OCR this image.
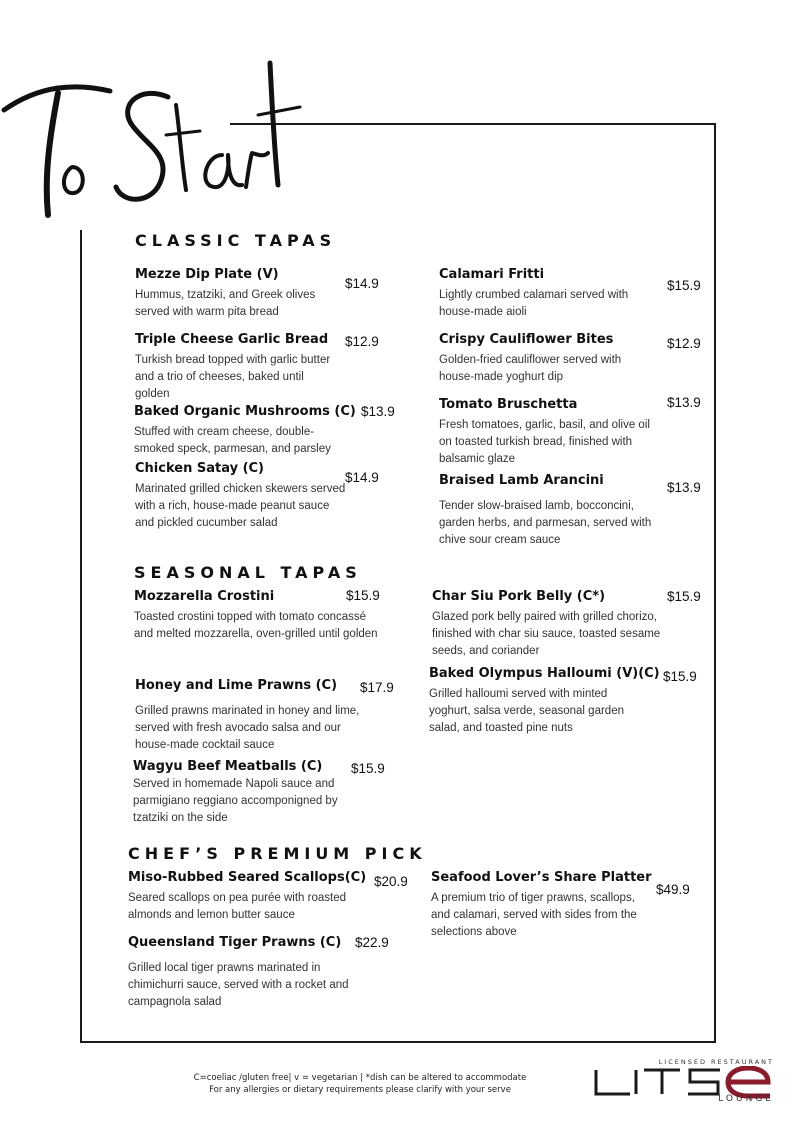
CLASSIC TAPAS
Mezze Dip Plate (V)
Hummus, tzatziki, and Greek olives served with warm pita bread
$14.9
Triple Cheese Garlic Bread
Turkish bread topped with garlic butter and a trio of cheeses, baked until golden
$12.9
Baked Organic Mushrooms (C)
Stuffed with cream cheese, double-smoked speck, parmesan, and parsley
$13.9
Chicken Satay (C)
Marinated grilled chicken skewers served with a rich, house-made peanut sauce and pickled cucumber salad
$14.9
Calamari Fritti
Lightly crumbed calamari served with house-made aioli
$15.9
Crispy Cauliflower Bites
Golden-fried cauliflower served with house-made yoghurt dip
$12.9
Tomato Bruschetta
Fresh tomatoes, garlic, basil, and olive oil on toasted turkish bread, finished with balsamic glaze
$13.9
Braised Lamb Arancini
Tender slow-braised lamb, bocconcini, garden herbs, and parmesan, served with chive sour cream sauce
$13.9
SEASONAL TAPAS
Mozzarella Crostini
Toasted crostini topped with tomato concassé and melted mozzarella, oven-grilled until golden
$15.9
Honey and Lime Prawns (C)
Grilled prawns marinated in honey and lime, served with fresh avocado salsa and our house-made cocktail sauce
$17.9
Wagyu Beef Meatballs (C)
Served in homemade Napoli sauce and parmigiano reggiano accomponigned by tzatziki on the side
$15.9
Char Siu Pork Belly (C*)
Glazed pork belly paired with grilled chorizo, finished with char siu sauce, toasted sesame seeds, and coriander
$15.9
Baked Olympus Halloumi (V)(C)
Grilled halloumi served with minted yoghurt, salsa verde, seasonal garden salad, and toasted pine nuts
$15.9
CHEF’S PREMIUM PICK
Miso-Rubbed Seared Scallops(C)
Seared scallops on pea purée with roasted almonds and lemon butter sauce
$20.9
Queensland Tiger Prawns (C)
Grilled local tiger prawns marinated in chimichurri sauce, served with a rocket and campagnola salad
$22.9
Seafood Lover’s Share Platter
A premium trio of tiger prawns, scallops, and calamari, served with sides from the selections above
$49.9
C=coeliac /gluten free| v = vegetarian | *dish can be altered to accommodate
For any allergies or dietary requirements please clarify with your serve
LICENSED RESTAURANT
LOUNGE
